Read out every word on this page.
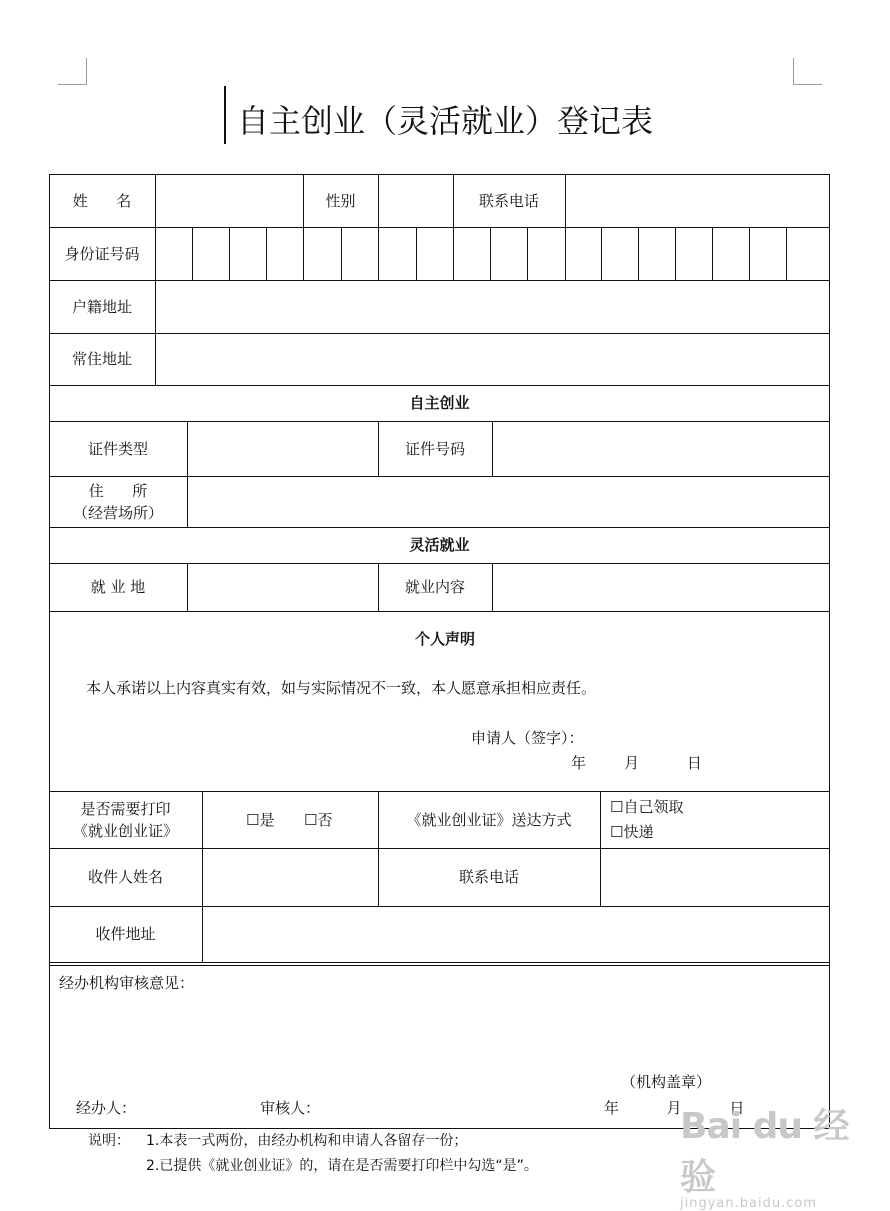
自主创业（灵活就业）登记表
姓      名	性别	联系电话
身份证号码
户籍地址
常住地址
自主创业
证件类型	证件号码
住      所
（经营场所）
灵活就业
就 业 地	就业内容
个人声明
本人承诺以上内容真实有效，如与实际情况不一致，本人愿意承担相应责任。
申请人（签字）：
年        月          日
是否需要打印
《就业创业证》
☐是 ☐否	《就业创业证》送达方式
☐自己领取
☐快递
收件人姓名	联系电话
收件地址
经办机构审核意见：
（机构盖章）
经办人：	审核人：	年          月          日
说明： 1.本表一式两份，由经办机构和申请人各留存一份；
2.已提供《就业创业证》的，请在是否需要打印栏中勾选“是”。
Bai du 经验
jingyan.baidu.com
